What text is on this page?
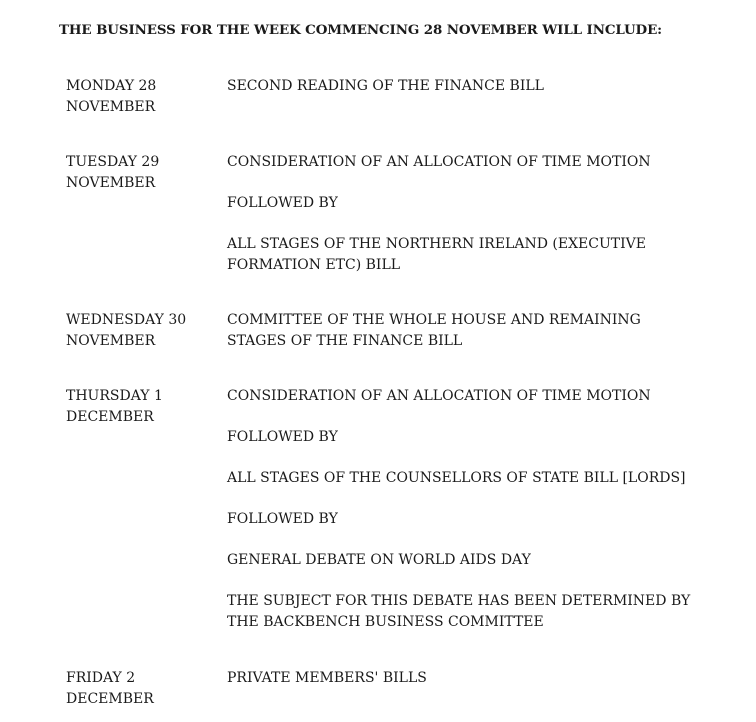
THE BUSINESS FOR THE WEEK COMMENCING 28 NOVEMBER WILL INCLUDE:
MONDAY 28 NOVEMBER
SECOND READING OF THE FINANCE BILL
TUESDAY 29 NOVEMBER
CONSIDERATION OF AN ALLOCATION OF TIME MOTION
FOLLOWED BY
ALL STAGES OF THE NORTHERN IRELAND (EXECUTIVE FORMATION ETC) BILL
WEDNESDAY 30 NOVEMBER
COMMITTEE OF THE WHOLE HOUSE AND REMAINING STAGES OF THE FINANCE BILL
THURSDAY 1 DECEMBER
CONSIDERATION OF AN ALLOCATION OF TIME MOTION
FOLLOWED BY
ALL STAGES OF THE COUNSELLORS OF STATE BILL [LORDS]
FOLLOWED BY
GENERAL DEBATE ON WORLD AIDS DAY
THE SUBJECT FOR THIS DEBATE HAS BEEN DETERMINED BY THE BACKBENCH BUSINESS COMMITTEE
FRIDAY 2 DECEMBER
PRIVATE MEMBERS' BILLS
